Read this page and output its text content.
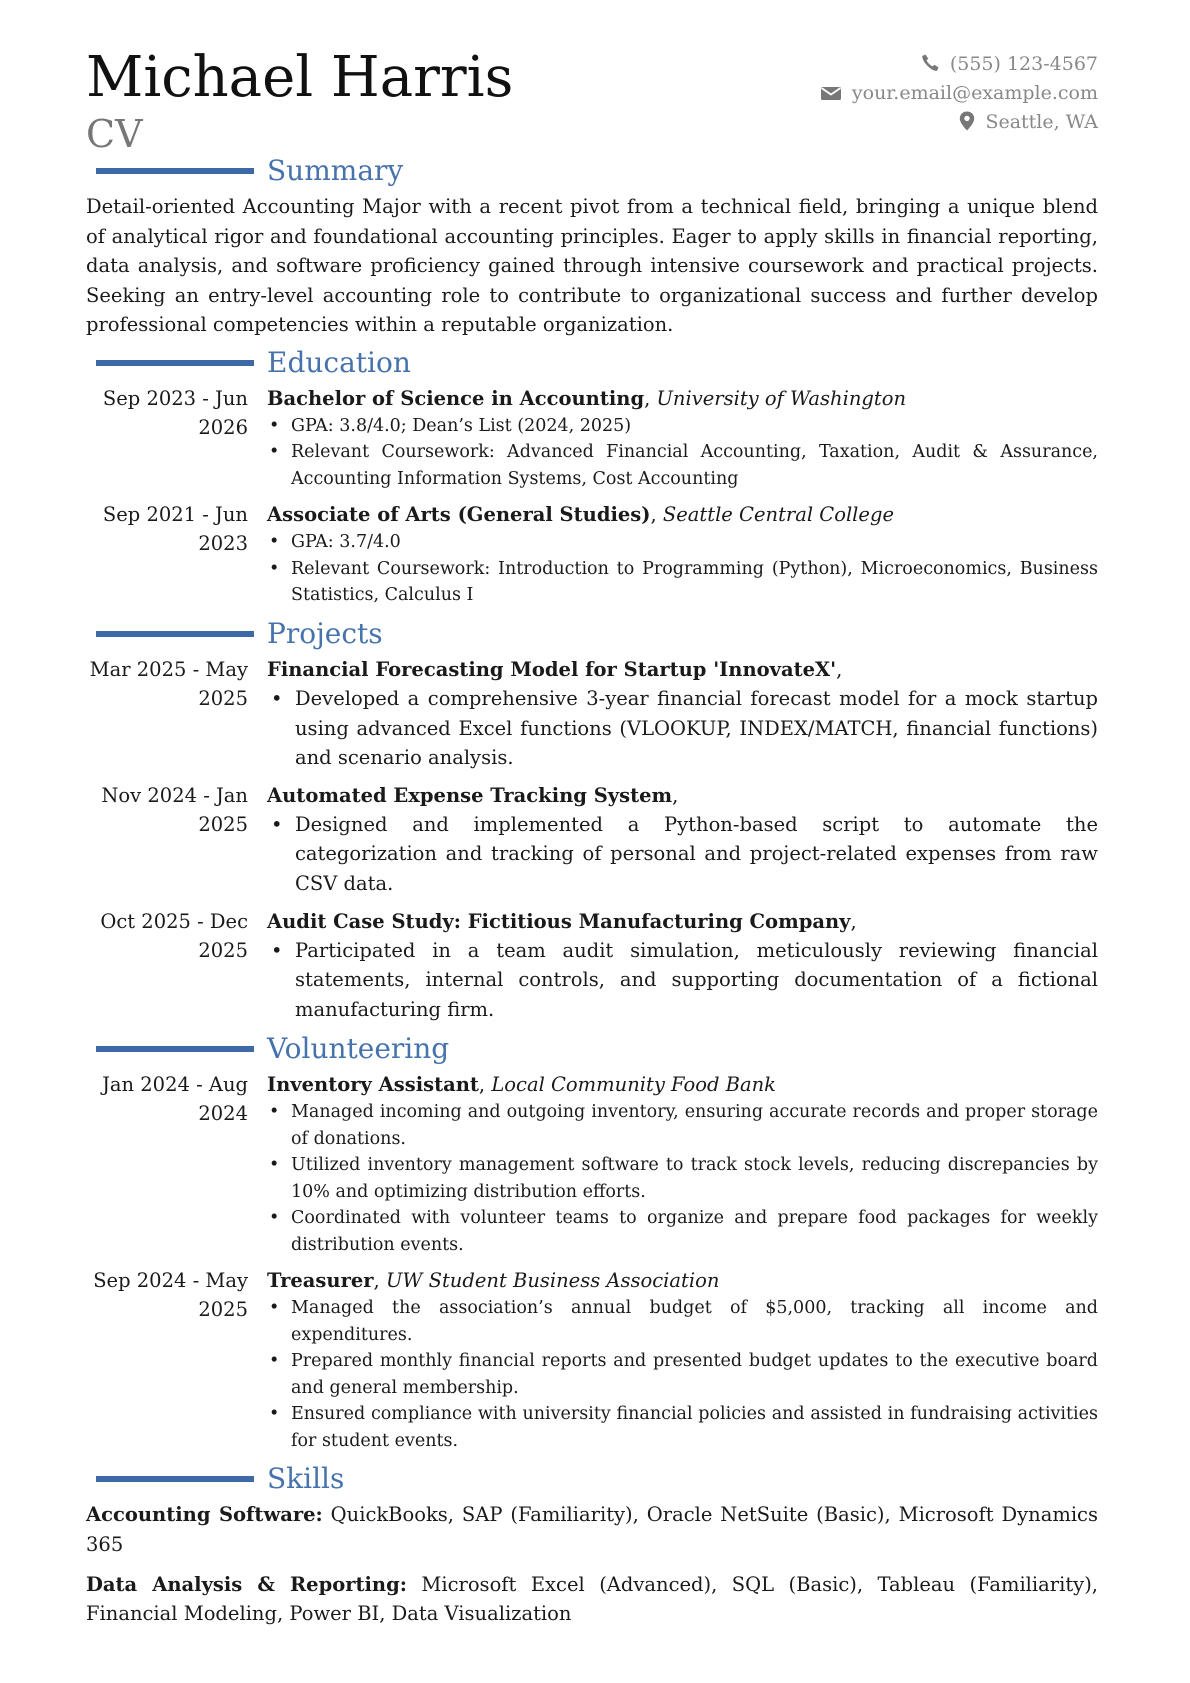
Michael Harris
CV
(555) 123-4567
your.email@example.com
Seattle, WA
Summary

Detail-oriented Accounting Major with a recent pivot from a technical field, bringing a unique blend of analytical rigor and foundational accounting principles. Eager to apply skills in financial reporting, data analysis, and software proficiency gained through intensive coursework and practical projects. Seeking an entry-level accounting role to contribute to organizational success and further develop professional competencies within a reputable organization.

Education
Sep 2023 - Jun 2026
Bachelor of Science in Accounting, University of Washington
• GPA: 3.8/4.0; Dean’s List (2024, 2025)
• Relevant Coursework: Advanced Financial Accounting, Taxation, Audit & Assurance, Accounting Information Systems, Cost Accounting
Sep 2021 - Jun 2023
Associate of Arts (General Studies), Seattle Central College
• GPA: 3.7/4.0
• Relevant Coursework: Introduction to Programming (Python), Microeconomics, Business Statistics, Calculus I
Projects
Mar 2025 - May 2025
Financial Forecasting Model for Startup 'InnovateX',
• Developed a comprehensive 3-year financial forecast model for a mock startup using advanced Excel functions (VLOOKUP, INDEX/MATCH, financial functions) and scenario analysis.
Nov 2024 - Jan 2025
Automated Expense Tracking System,
• Designed and implemented a Python-based script to automate the categorization and tracking of personal and project-related expenses from raw CSV data.
Oct 2025 - Dec 2025
Audit Case Study: Fictitious Manufacturing Company,
• Participated in a team audit simulation, meticulously reviewing financial statements, internal controls, and supporting documentation of a fictional manufacturing firm.
Volunteering
Jan 2024 - Aug 2024
Inventory Assistant, Local Community Food Bank
• Managed incoming and outgoing inventory, ensuring accurate records and proper storage of donations.
• Utilized inventory management software to track stock levels, reducing discrepancies by 10% and optimizing distribution efforts.
• Coordinated with volunteer teams to organize and prepare food packages for weekly distribution events.
Sep 2024 - May 2025
Treasurer, UW Student Business Association
• Managed the association’s annual budget of $5,000, tracking all income and expenditures.
• Prepared monthly financial reports and presented budget updates to the executive board and general membership.
• Ensured compliance with university financial policies and assisted in fundraising activities for student events.
Skills
Accounting Software: QuickBooks, SAP (Familiarity), Oracle NetSuite (Basic), Microsoft Dynamics 365
Data Analysis & Reporting: Microsoft Excel (Advanced), SQL (Basic), Tableau (Familiarity), Financial Modeling, Power BI, Data Visualization
